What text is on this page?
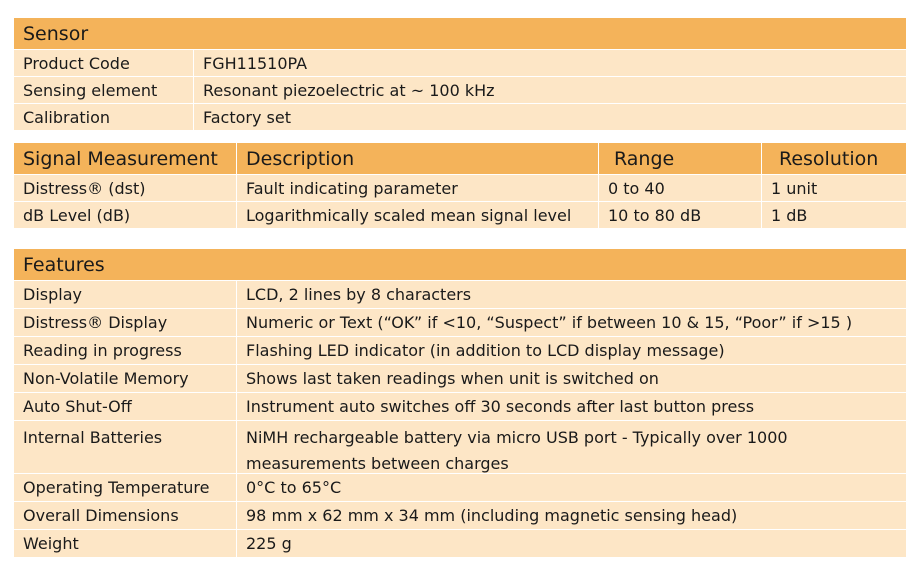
Sensor
Product Code	FGH11510PA
Sensing element	Resonant piezoelectric at ~ 100 kHz
Calibration	Factory set
Signal Measurement	Description	Range	Resolution
Distress® (dst)	Fault indicating parameter	0 to 40	1 unit
dB Level (dB)	Logarithmically scaled mean signal level	10 to 80 dB	1 dB
Features
Display	LCD, 2 lines by 8 characters
Distress® Display	Numeric or Text (“OK” if <10, “Suspect” if between 10 & 15, “Poor” if >15 )
Reading in progress	Flashing LED indicator (in addition to LCD display message)
Non-Volatile Memory	Shows last taken readings when unit is switched on
Auto Shut-Off	Instrument auto switches off 30 seconds after last button press
Internal Batteries	NiMH rechargeable battery via micro USB port - Typically over 1000 measurements between charges
Operating Temperature	0°C to 65°C
Overall Dimensions	98 mm x 62 mm x 34 mm (including magnetic sensing head)
Weight	225 g
